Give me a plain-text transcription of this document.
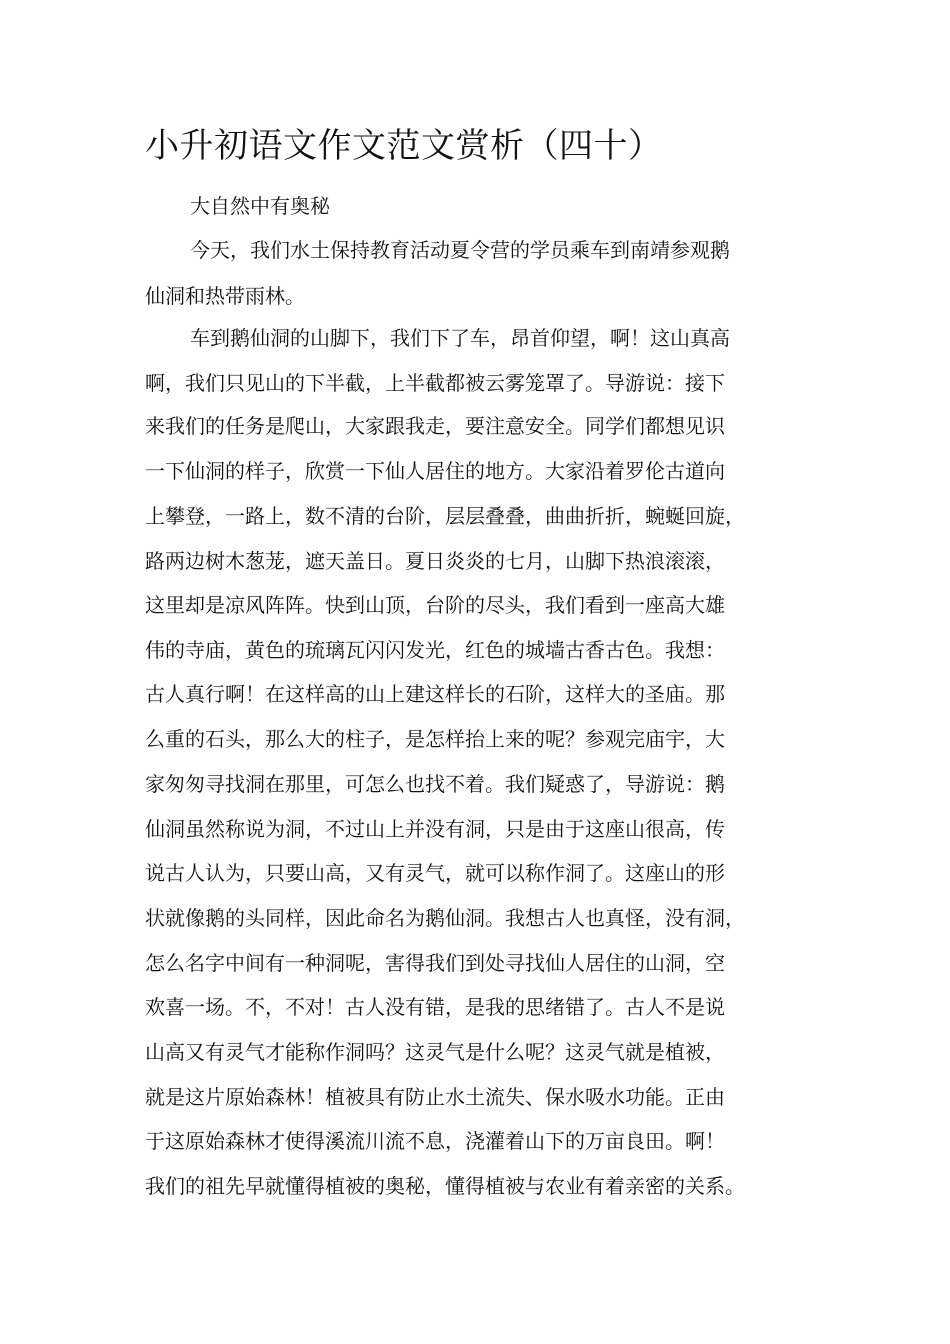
小升初语文作文范文赏析（四十）
大自然中有奥秘
今天，我们水土保持教育活动夏令营的学员乘车到南靖参观鹅
仙洞和热带雨林。
车到鹅仙洞的山脚下，我们下了车，昂首仰望，啊！这山真高
啊，我们只见山的下半截，上半截都被云雾笼罩了。导游说：接下
来我们的任务是爬山，大家跟我走，要注意安全。同学们都想见识
一下仙洞的样子，欣赏一下仙人居住的地方。大家沿着罗伦古道向
上攀登，一路上，数不清的台阶，层层叠叠，曲曲折折，蜿蜒回旋，
路两边树木葱茏，遮天盖日。夏日炎炎的七月，山脚下热浪滚滚，
这里却是凉风阵阵。快到山顶，台阶的尽头，我们看到一座高大雄
伟的寺庙，黄色的琉璃瓦闪闪发光，红色的城墙古香古色。我想：
古人真行啊！在这样高的山上建这样长的石阶，这样大的圣庙。那
么重的石头，那么大的柱子，是怎样抬上来的呢？参观完庙宇，大
家匆匆寻找洞在那里，可怎么也找不着。我们疑惑了，导游说：鹅
仙洞虽然称说为洞，不过山上并没有洞，只是由于这座山很高，传
说古人认为，只要山高，又有灵气，就可以称作洞了。这座山的形
状就像鹅的头同样，因此命名为鹅仙洞。我想古人也真怪，没有洞，
怎么名字中间有一种洞呢，害得我们到处寻找仙人居住的山洞，空
欢喜一场。不，不对！古人没有错，是我的思绪错了。古人不是说
山高又有灵气才能称作洞吗？这灵气是什么呢？这灵气就是植被，
就是这片原始森林！植被具有防止水土流失、保水吸水功能。正由
于这原始森林才使得溪流川流不息，浇灌着山下的万亩良田。啊！
我们的祖先早就懂得植被的奥秘，懂得植被与农业有着亲密的关系。
